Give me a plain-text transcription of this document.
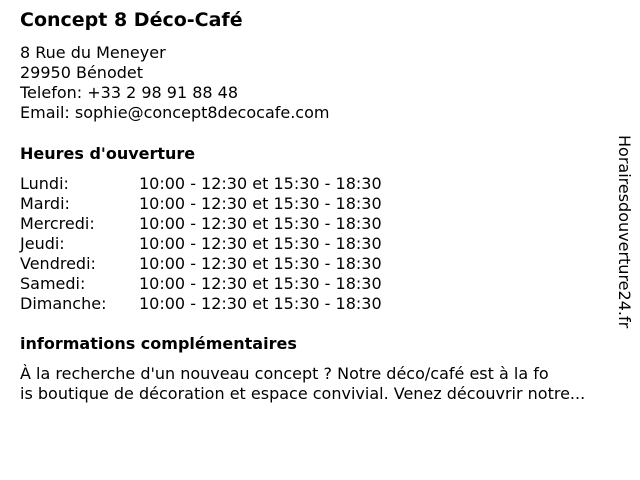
Concept 8 Déco-Café
8 Rue du Meneyer
29950 Bénodet
Telefon: +33 2 98 91 88 48
Email: sophie@concept8decocafe.com
Heures d'ouverture
Lundi:	10:00 - 12:30 et 15:30 - 18:30
Mardi:	10:00 - 12:30 et 15:30 - 18:30
Mercredi:	10:00 - 12:30 et 15:30 - 18:30
Jeudi:	10:00 - 12:30 et 15:30 - 18:30
Vendredi:	10:00 - 12:30 et 15:30 - 18:30
Samedi:	10:00 - 12:30 et 15:30 - 18:30
Dimanche:	10:00 - 12:30 et 15:30 - 18:30
informations complémentaires
À la recherche d'un nouveau concept ? Notre déco/café est à la fo
is boutique de décoration et espace convivial. Venez découvrir notre...
Horairesdouverture24.fr
